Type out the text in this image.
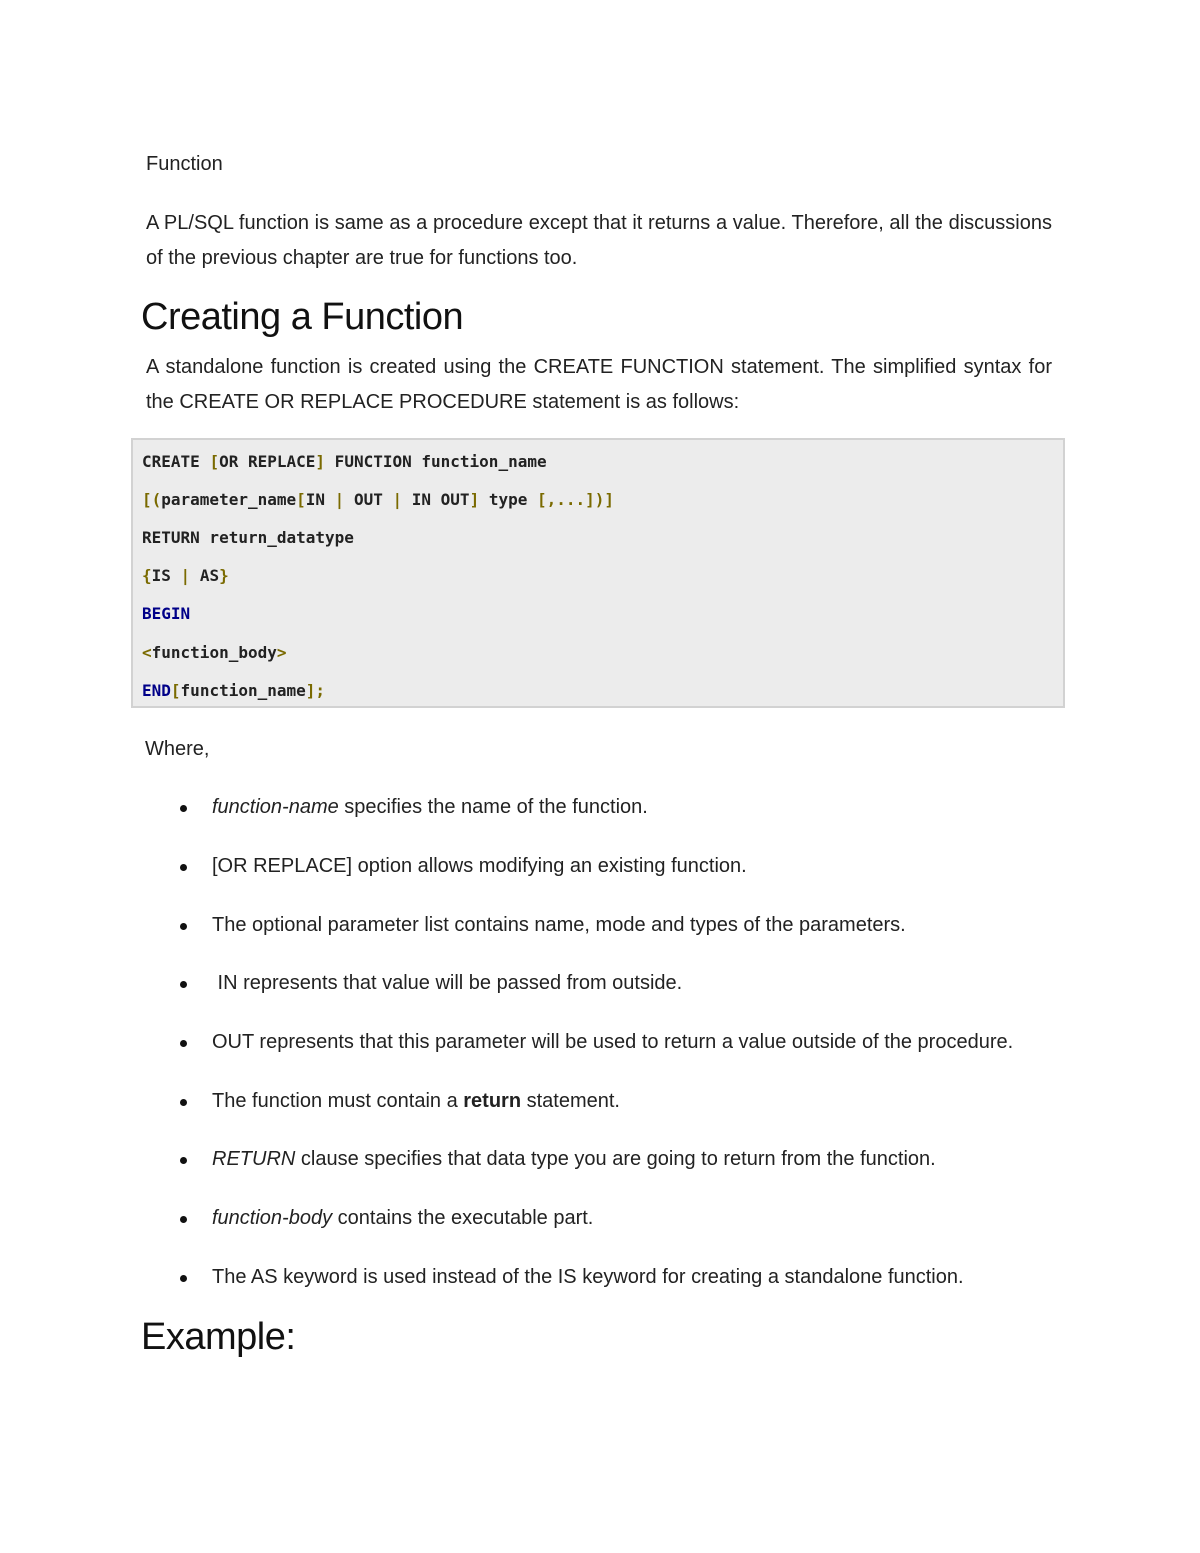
Function

A PL/SQL function is same as a procedure except that it returns a value. Therefore, all the discussions of the previous chapter are true for functions too.

Creating a Function

A standalone function is created using the CREATE FUNCTION statement. The simplified syntax for the CREATE OR REPLACE PROCEDURE statement is as follows:

CREATE [OR REPLACE] FUNCTION function_name
[(parameter_name[IN | OUT | IN OUT] type [,...])]
RETURN return_datatype
{IS | AS}
BEGIN
<function_body>
END[function_name];
Where,
function-name specifies the name of the function.
[OR REPLACE] option allows modifying an existing function.
The optional parameter list contains name, mode and types of the parameters.
IN represents that value will be passed from outside.
OUT represents that this parameter will be used to return a value outside of the procedure.
The function must contain a return statement.
RETURN clause specifies that data type you are going to return from the function.
function-body contains the executable part.
The AS keyword is used instead of the IS keyword for creating a standalone function.
Example:
